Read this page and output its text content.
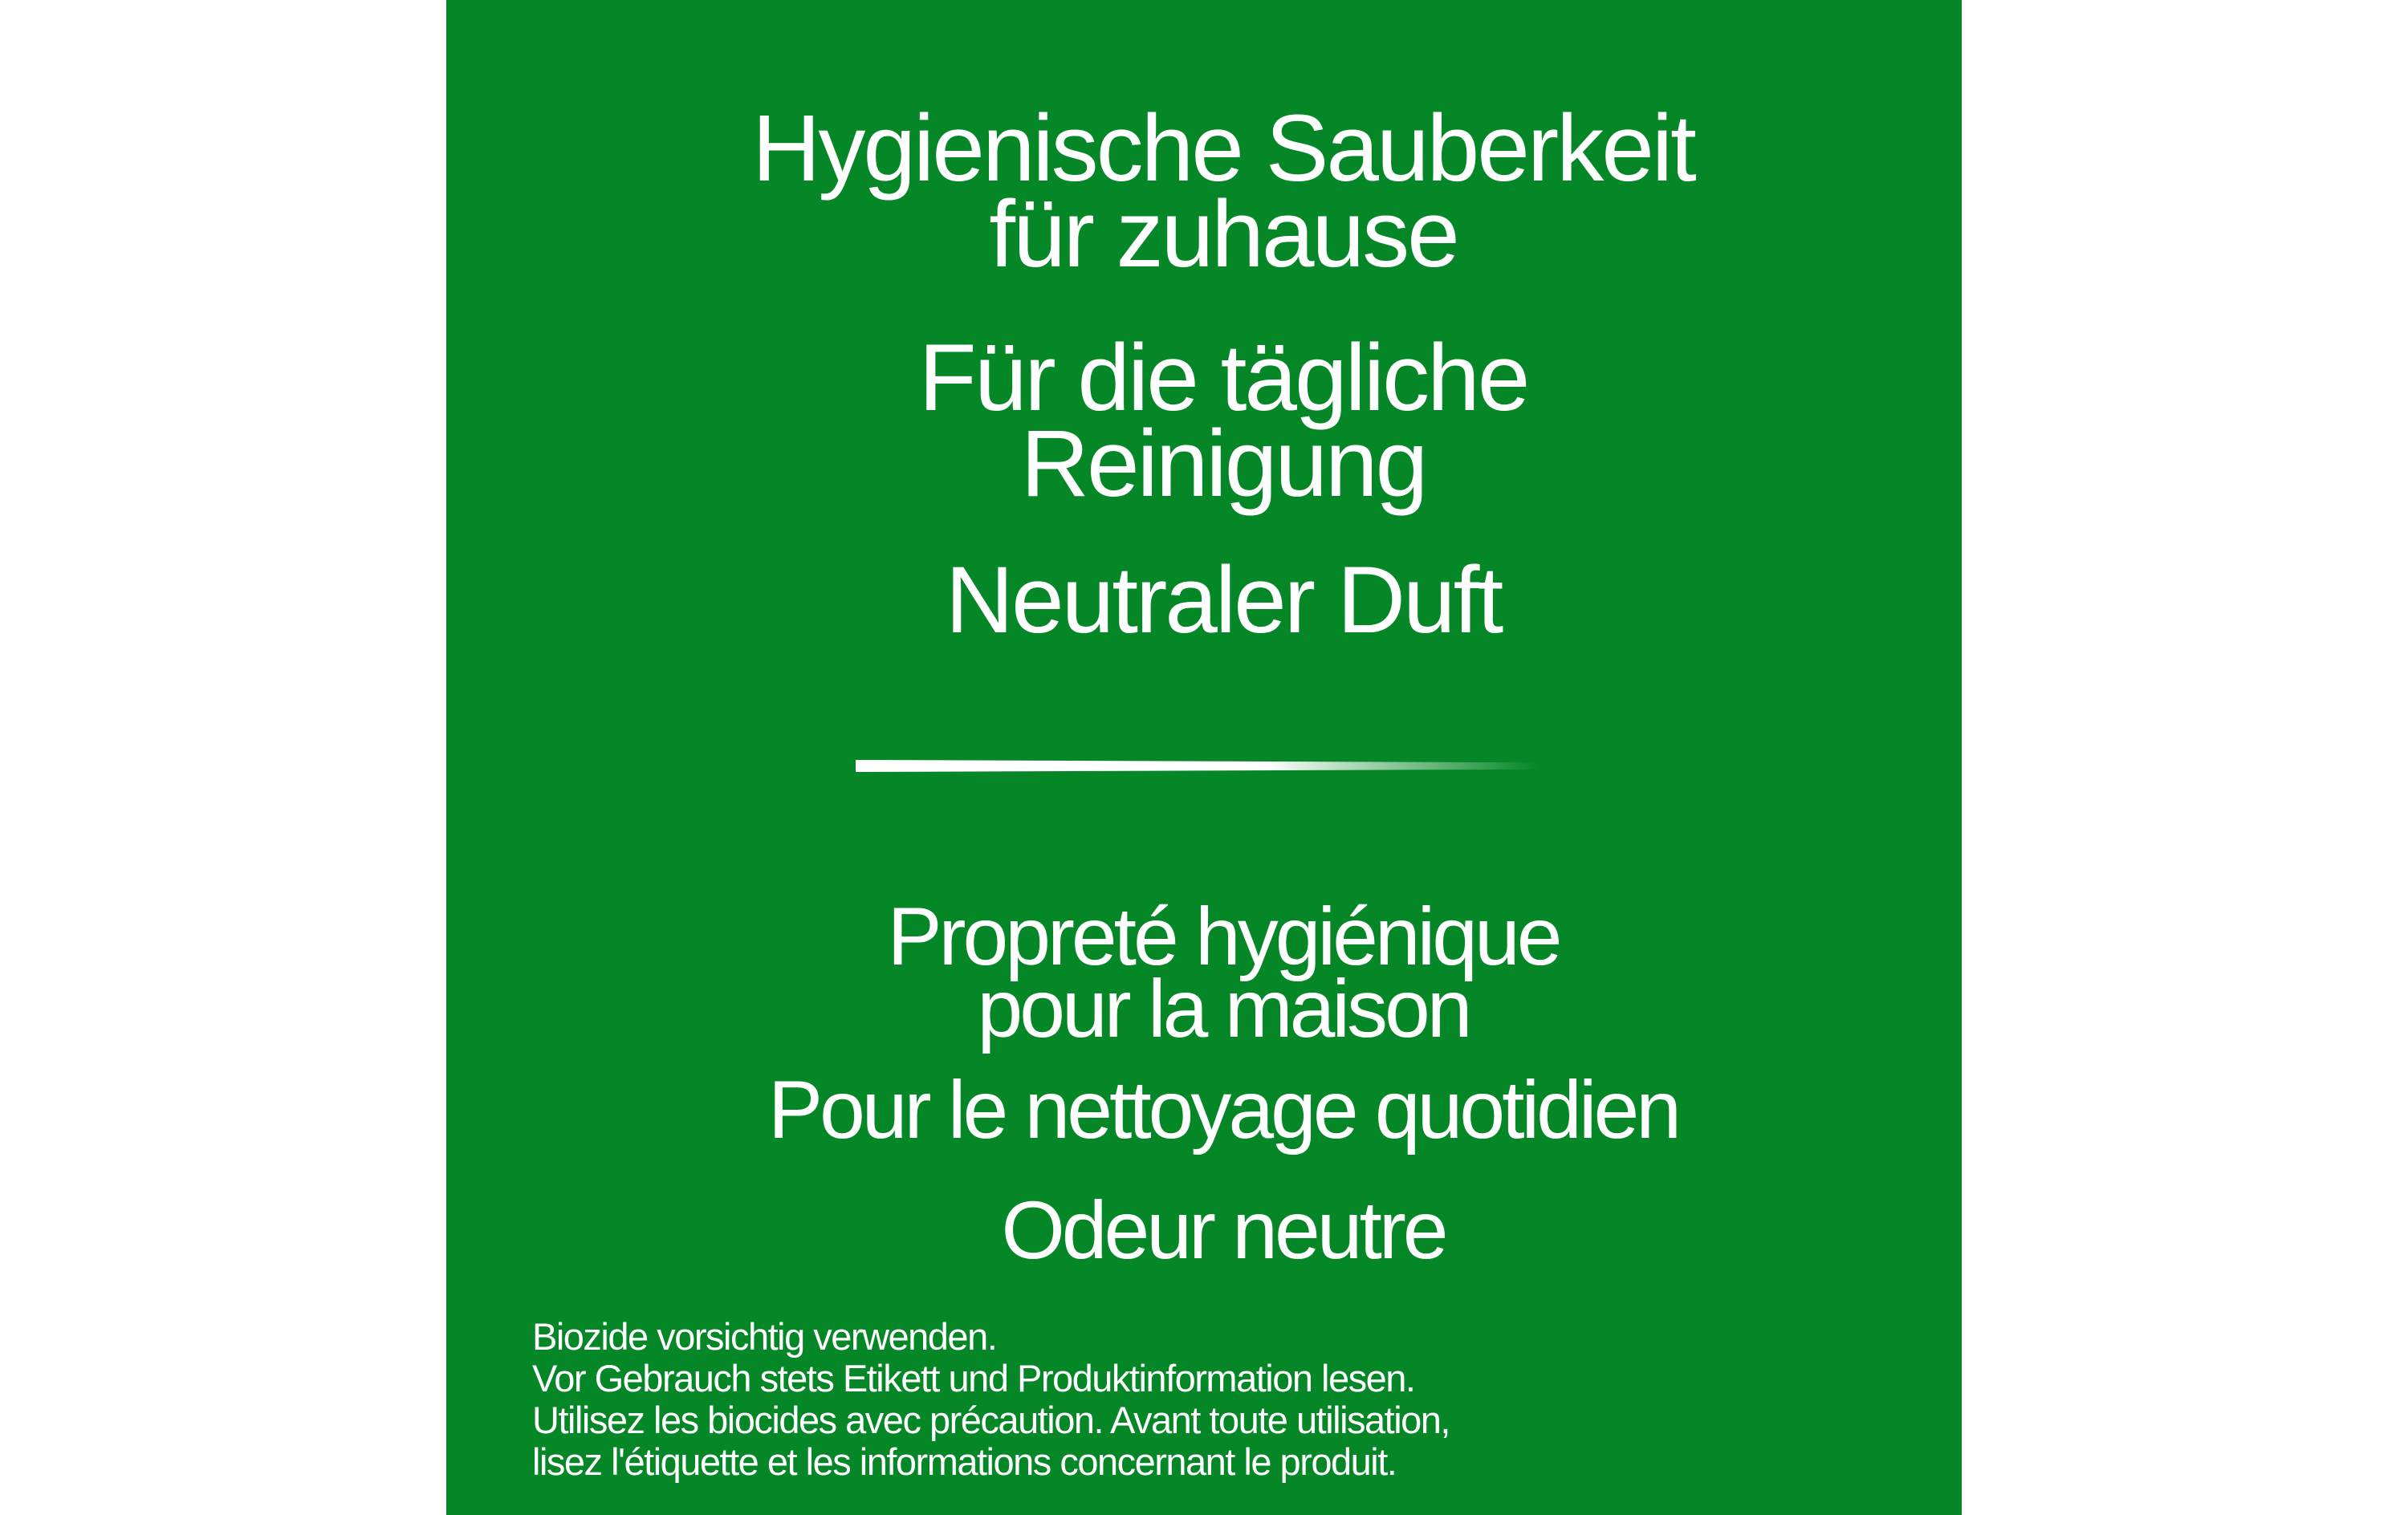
Hygienische Sauberkeit
für zuhause
Für die tägliche
Reinigung
Neutraler Duft
Propreté hygiénique
pour la maison
Pour le nettoyage quotidien
Odeur neutre
Biozide vorsichtig verwenden.
Vor Gebrauch stets Etikett und Produktinformation lesen.
Utilisez les biocides avec précaution. Avant toute utilisation,
lisez l'étiquette et les informations concernant le produit.
